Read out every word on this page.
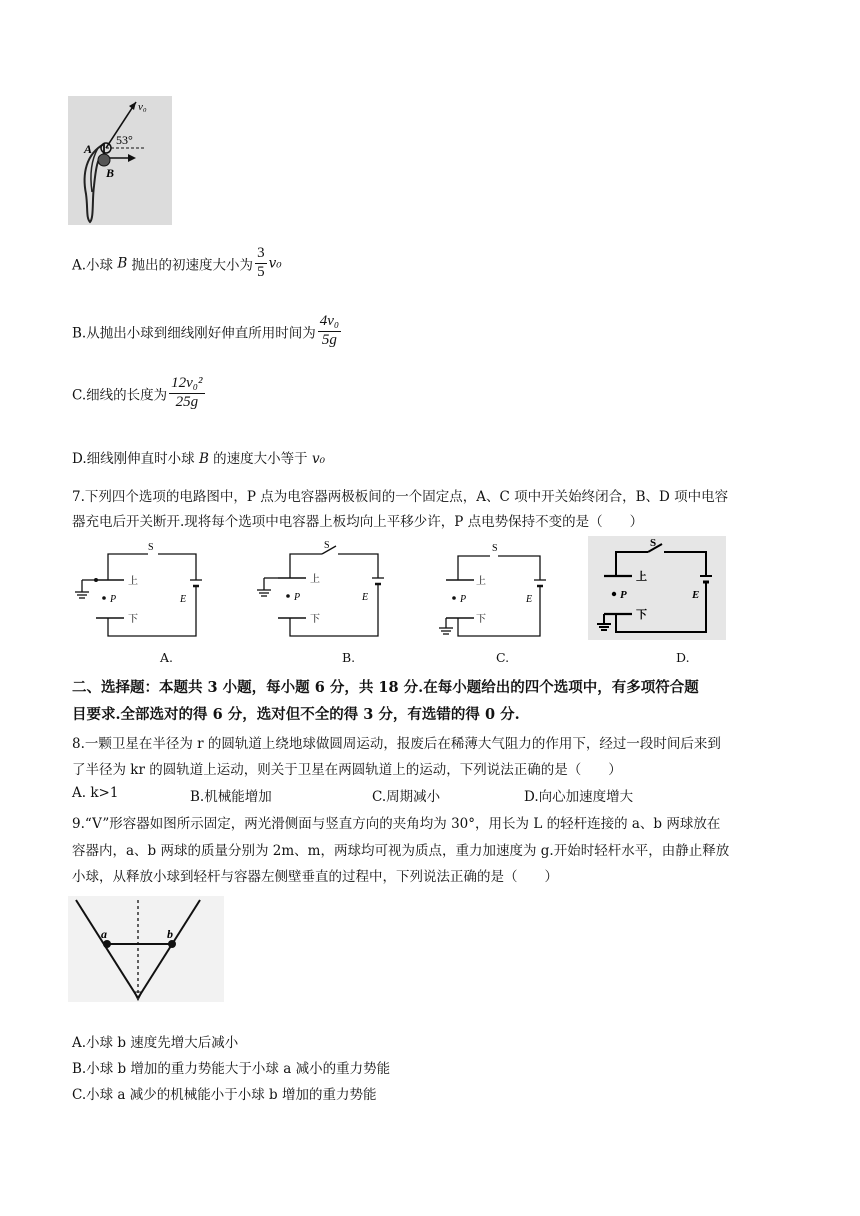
v₀
53°
A
B
A.小球 B 抛出的初速度大小为 $\frac{3}{5} v_0$
B.从抛出小球到细线刚好伸直所用时间为 $\frac{\text{4v₀}}{5g}$
C.细线的长度为 $\frac{\text{12v₀²}}{25g}$
D.细线刚伸直时小球 B 的速度大小等于 v₀
7.下列四个选项的电路图中，P 点为电容器两极板间的一个固定点，A、C 项中开关始终闭合，B、D 项中电容
器充电后开关断开.现将每个选项中电容器上板均向上平移少许，P 点电势保持不变的是（　　）
S
上
下
P	E
A.
S
上
下
P	E
B.
S
上
下
P	E
C.
S
上
下
P	E
D.
二、选择题：本题共 3 小题，每小题 6 分，共 18 分.在每小题给出的四个选项中，有多项符合题
目要求.全部选对的得 6 分，选对但不全的得 3 分，有选错的得 0 分.
8.一颗卫星在半径为 r 的圆轨道上绕地球做圆周运动，报废后在稀薄大气阻力的作用下，经过一段时间后来到
了半径为 kr 的圆轨道上运动，则关于卫星在两圆轨道上的运动，下列说法正确的是（　　）
A. k>1	B.机械能增加	C.周期减小	D.向心加速度增大
9.“V”形容器如图所示固定，两光滑侧面与竖直方向的夹角均为 30°，用长为 L 的轻杆连接的 a、b 两球放在
容器内，a、b 两球的质量分别为 2m、m，两球均可视为质点，重力加速度为 g.开始时轻杆水平，由静止释放
小球，从释放小球到轻杆与容器左侧壁垂直的过程中，下列说法正确的是（　　）
a	b
A.小球 b 速度先增大后减小
B.小球 b 增加的重力势能大于小球 a 减小的重力势能
C.小球 a 减少的机械能小于小球 b 增加的重力势能
